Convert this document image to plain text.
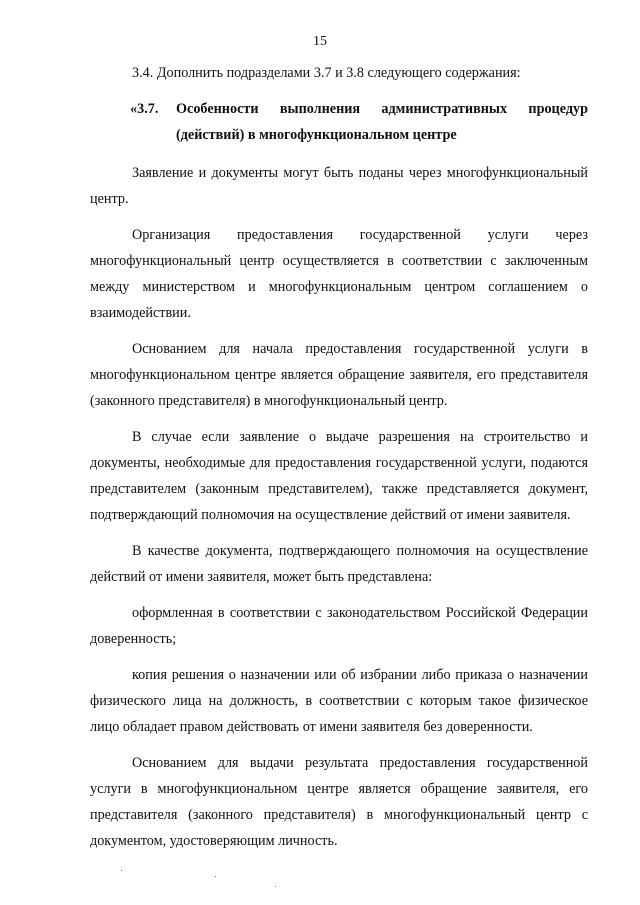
15

3.4. Дополнить подразделами 3.7 и 3.8 следующего содержания:

«3.7. Особенности выполнения административных процедур
(действий) в многофункциональном центре

Заявление и документы могут быть поданы через многофункциональный центр.

Организация предоставления государственной услуги через многофункциональный центр осуществляется в соответствии с заключенным между министерством и многофункциональным центром соглашением о взаимодействии.

Основанием для начала предоставления государственной услуги в многофункциональном центре является обращение заявителя, его представителя (законного представителя) в многофункциональный центр.

В случае если заявление о выдаче разрешения на строительство и документы, необходимые для предоставления государственной услуги, подаются представителем (законным представителем), также представляется документ, подтверждающий полномочия на осуществление действий от имени заявителя.

В качестве документа, подтверждающего полномочия на осуществление действий от имени заявителя, может быть представлена:

оформленная в соответствии с законодательством Российской Федерации доверенность;

копия решения о назначении или об избрании либо приказа о назначении физического лица на должность, в соответствии с которым такое физическое лицо обладает правом действовать от имени заявителя без доверенности.

Основанием для выдачи результата предоставления государственной услуги в многофункциональном центре является обращение заявителя, его представителя (законного представителя) в многофункциональный центр с документом, удостоверяющим личность.
